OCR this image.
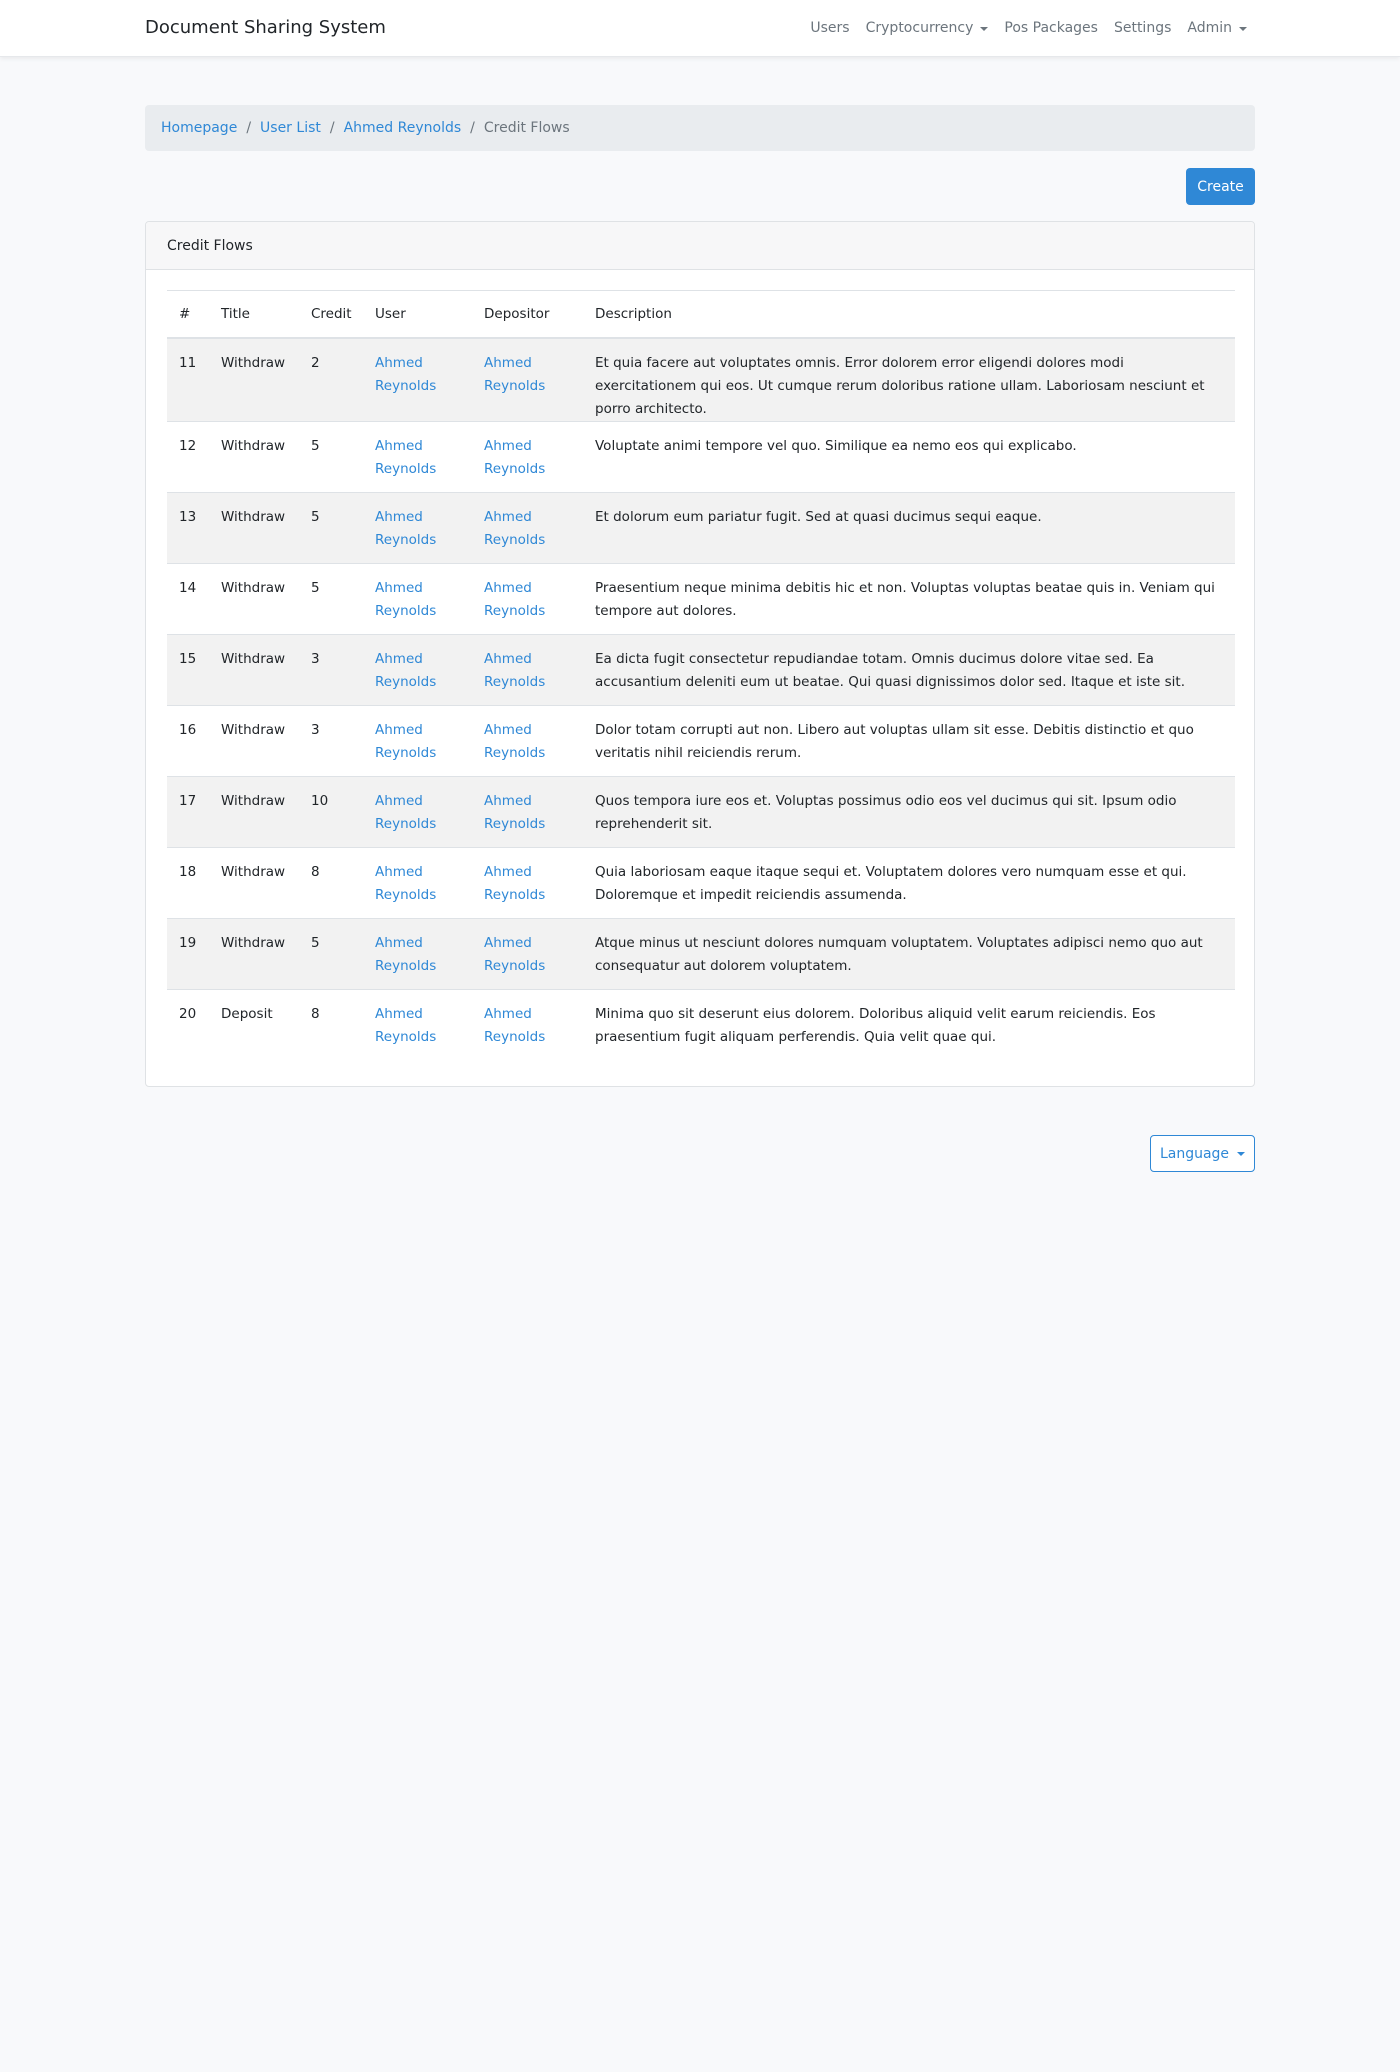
Document Sharing System	Users Cryptocurrency Pos Packages Settings Admin
Homepage / User List / Ahmed Reynolds / Credit Flows
Create
Credit Flows
#	Title	Credit	User	Depositor	Description
11	Withdraw	2	Ahmed Reynolds	Ahmed Reynolds	Et quia facere aut voluptates omnis. Error dolorem error eligendi dolores modi exercitationem qui eos. Ut cumque rerum doloribus ratione ullam. Laboriosam nesciunt et porro architecto.
12	Withdraw	5	Ahmed Reynolds	Ahmed Reynolds	Voluptate animi tempore vel quo. Similique ea nemo eos qui explicabo.
13	Withdraw	5	Ahmed Reynolds	Ahmed Reynolds	Et dolorum eum pariatur fugit. Sed at quasi ducimus sequi eaque.
14	Withdraw	5	Ahmed Reynolds	Ahmed Reynolds	Praesentium neque minima debitis hic et non. Voluptas voluptas beatae quis in. Veniam qui tempore aut dolores.
15	Withdraw	3	Ahmed Reynolds	Ahmed Reynolds	Ea dicta fugit consectetur repudiandae totam. Omnis ducimus dolore vitae sed. Ea accusantium deleniti eum ut beatae. Qui quasi dignissimos dolor sed. Itaque et iste sit.
16	Withdraw	3	Ahmed Reynolds	Ahmed Reynolds	Dolor totam corrupti aut non. Libero aut voluptas ullam sit esse. Debitis distinctio et quo veritatis nihil reiciendis rerum.
17	Withdraw	10	Ahmed Reynolds	Ahmed Reynolds	Quos tempora iure eos et. Voluptas possimus odio eos vel ducimus qui sit. Ipsum odio reprehenderit sit.
18	Withdraw	8	Ahmed Reynolds	Ahmed Reynolds	Quia laboriosam eaque itaque sequi et. Voluptatem dolores vero numquam esse et qui. Doloremque et impedit reiciendis assumenda.
19	Withdraw	5	Ahmed Reynolds	Ahmed Reynolds	Atque minus ut nesciunt dolores numquam voluptatem. Voluptates adipisci nemo quo aut consequatur aut dolorem voluptatem.
20	Deposit	8	Ahmed Reynolds	Ahmed Reynolds	Minima quo sit deserunt eius dolorem. Doloribus aliquid velit earum reiciendis. Eos praesentium fugit aliquam perferendis. Quia velit quae qui.
Language
